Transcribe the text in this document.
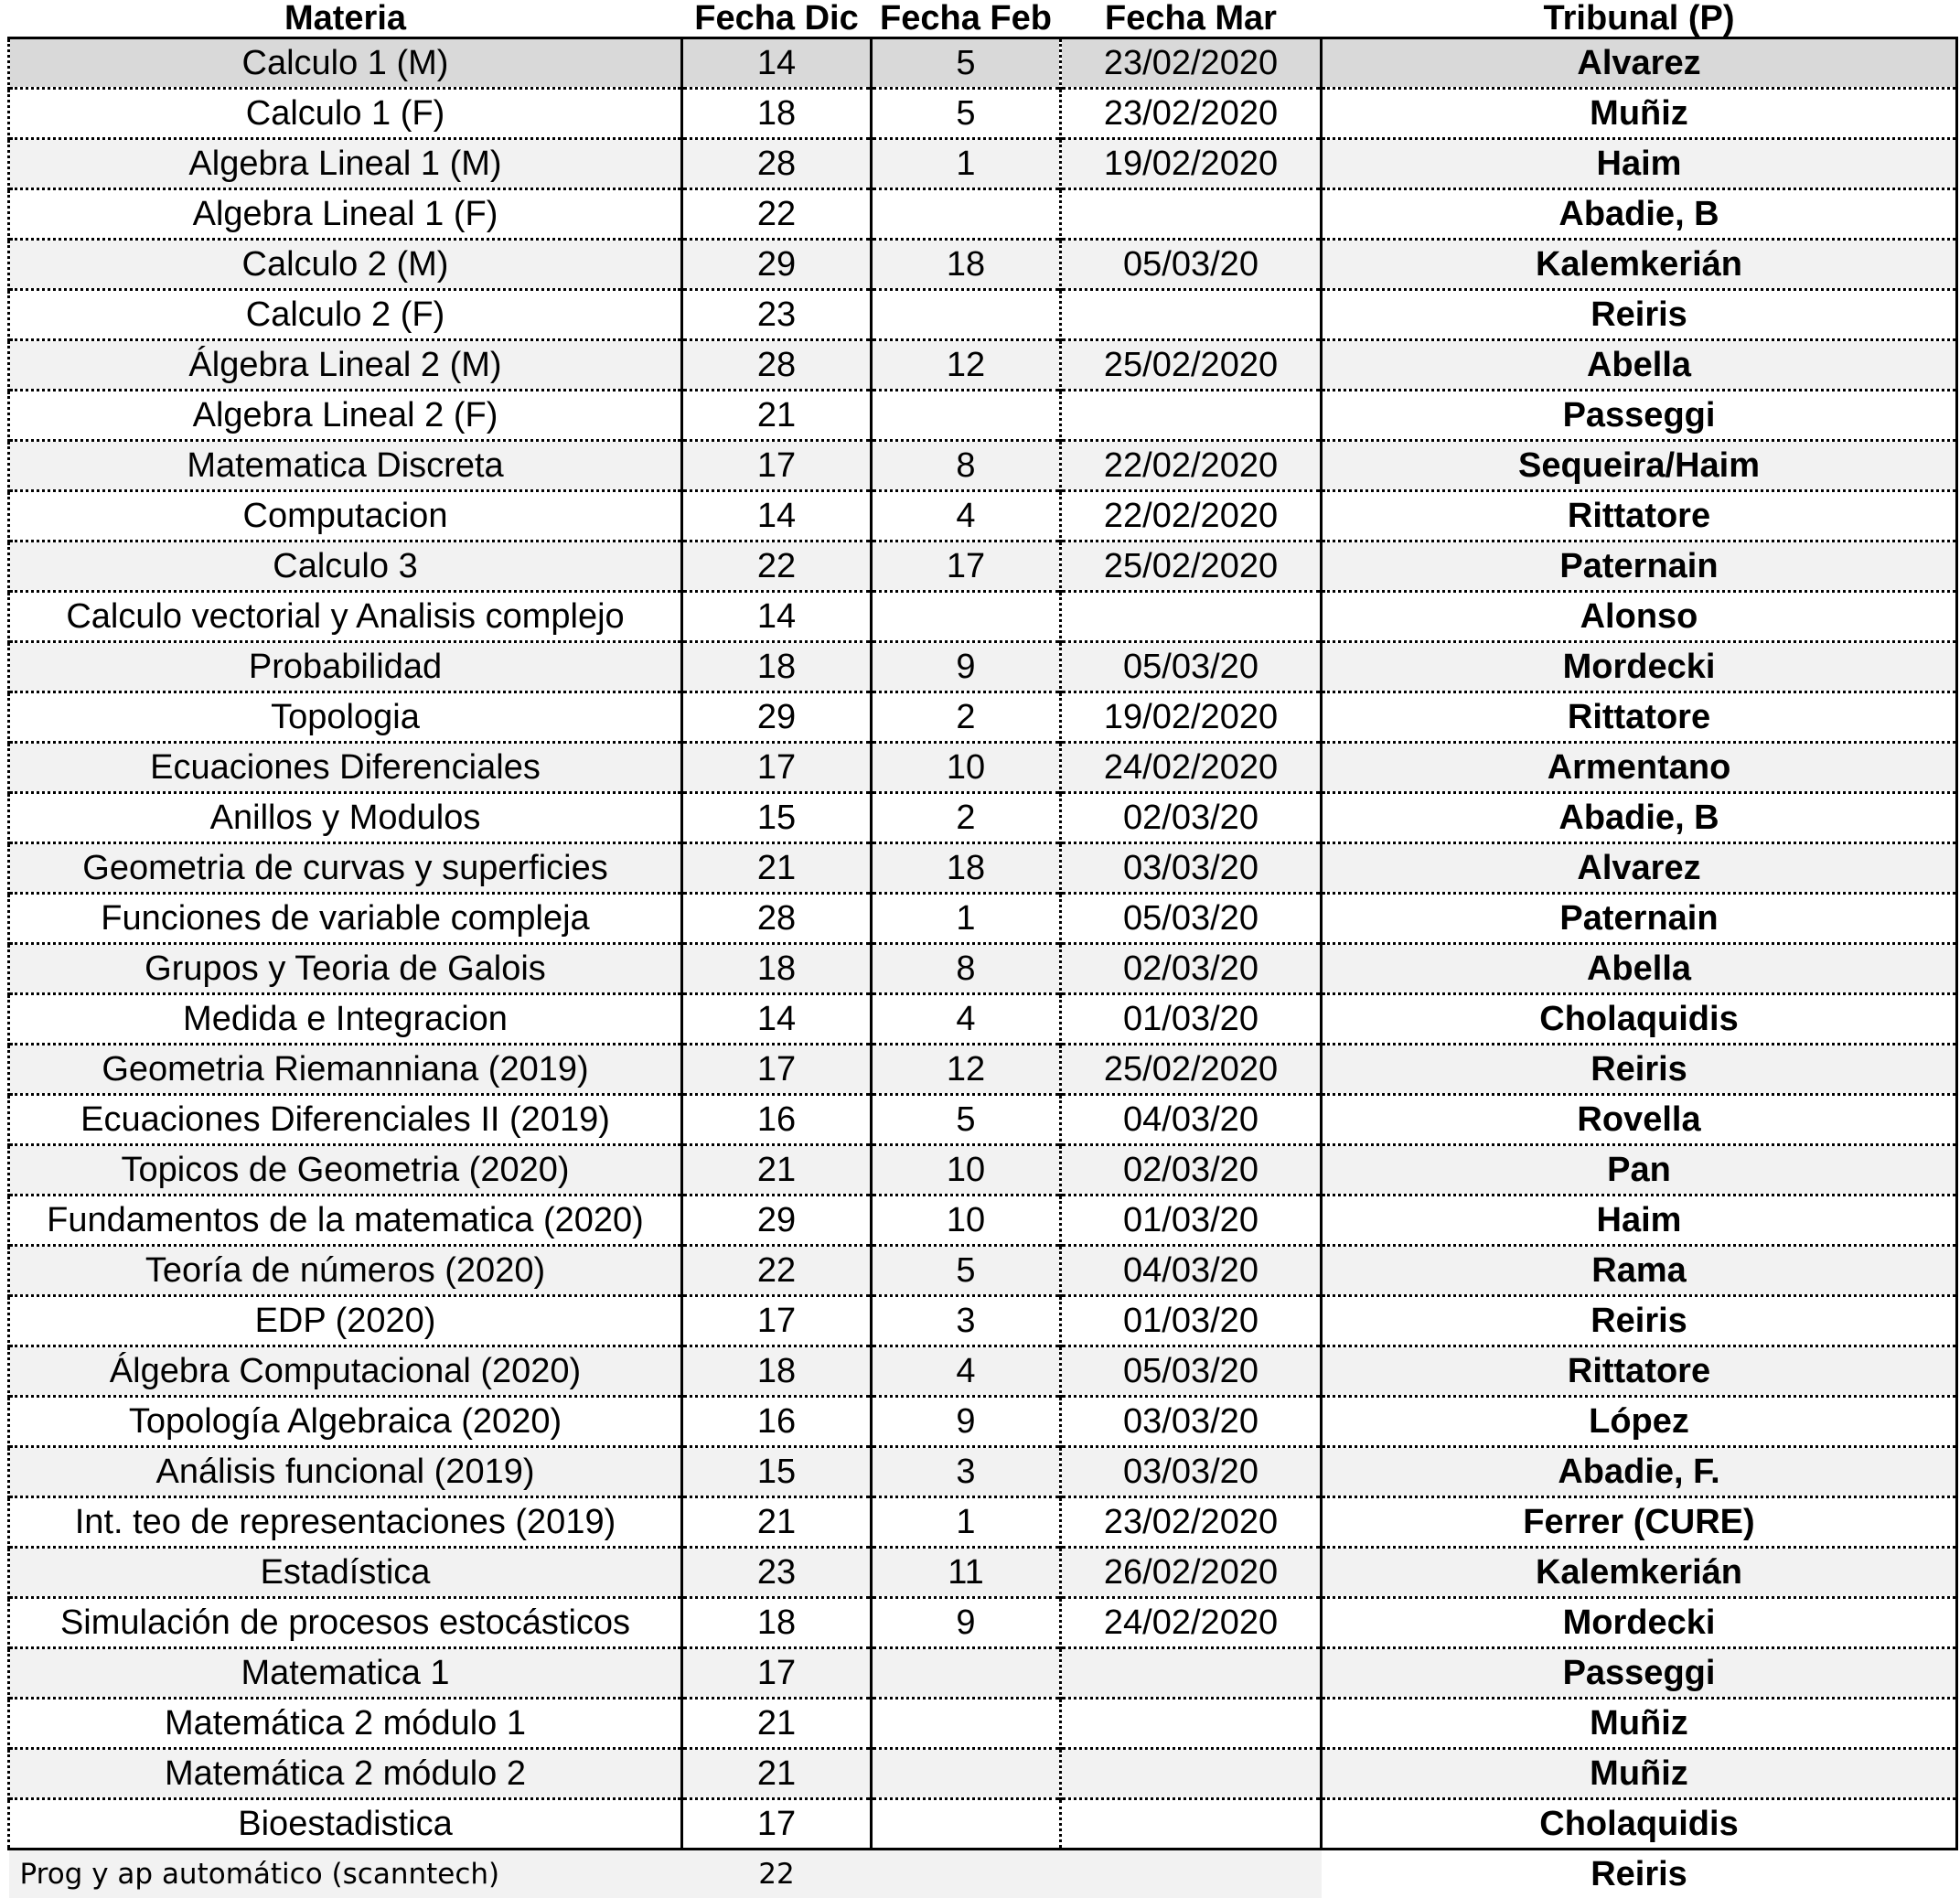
Materia	Fecha Dic	Fecha Feb	Fecha Mar	Tribunal (P)
Calculo 1 (M)	14	5	23/02/2020	Alvarez
Calculo 1 (F)	18	5	23/02/2020	Muñiz
Algebra Lineal 1 (M)	28	1	19/02/2020	Haim
Algebra Lineal 1 (F)	22			Abadie, B
Calculo 2 (M)	29	18	05/03/20	Kalemkerián
Calculo 2 (F)	23			Reiris
Álgebra Lineal 2 (M)	28	12	25/02/2020	Abella
Algebra Lineal 2 (F)	21			Passeggi
Matematica Discreta	17	8	22/02/2020	Sequeira/Haim
Computacion	14	4	22/02/2020	Rittatore
Calculo 3	22	17	25/02/2020	Paternain
Calculo vectorial y Analisis complejo	14			Alonso
Probabilidad	18	9	05/03/20	Mordecki
Topologia	29	2	19/02/2020	Rittatore
Ecuaciones Diferenciales	17	10	24/02/2020	Armentano
Anillos y Modulos	15	2	02/03/20	Abadie, B
Geometria de curvas y superficies	21	18	03/03/20	Alvarez
Funciones de variable compleja	28	1	05/03/20	Paternain
Grupos y Teoria de Galois	18	8	02/03/20	Abella
Medida e Integracion	14	4	01/03/20	Cholaquidis
Geometria Riemanniana (2019)	17	12	25/02/2020	Reiris
Ecuaciones Diferenciales II (2019)	16	5	04/03/20	Rovella
Topicos de Geometria (2020)	21	10	02/03/20	Pan
Fundamentos de la matematica (2020)	29	10	01/03/20	Haim
Teoría de números (2020)	22	5	04/03/20	Rama
EDP (2020)	17	3	01/03/20	Reiris
Álgebra Computacional (2020)	18	4	05/03/20	Rittatore
Topología Algebraica (2020)	16	9	03/03/20	López
Análisis funcional (2019)	15	3	03/03/20	Abadie, F.
Int. teo de representaciones (2019)	21	1	23/02/2020	Ferrer (CURE)
Estadística	23	11	26/02/2020	Kalemkerián
Simulación de procesos estocásticos	18	9	24/02/2020	Mordecki
Matematica 1	17			Passeggi
Matemática 2 módulo 1	21			Muñiz
Matemática 2 módulo 2	21			Muñiz
Bioestadistica	17			Cholaquidis
Prog y ap automático (scanntech)	22			Reiris
